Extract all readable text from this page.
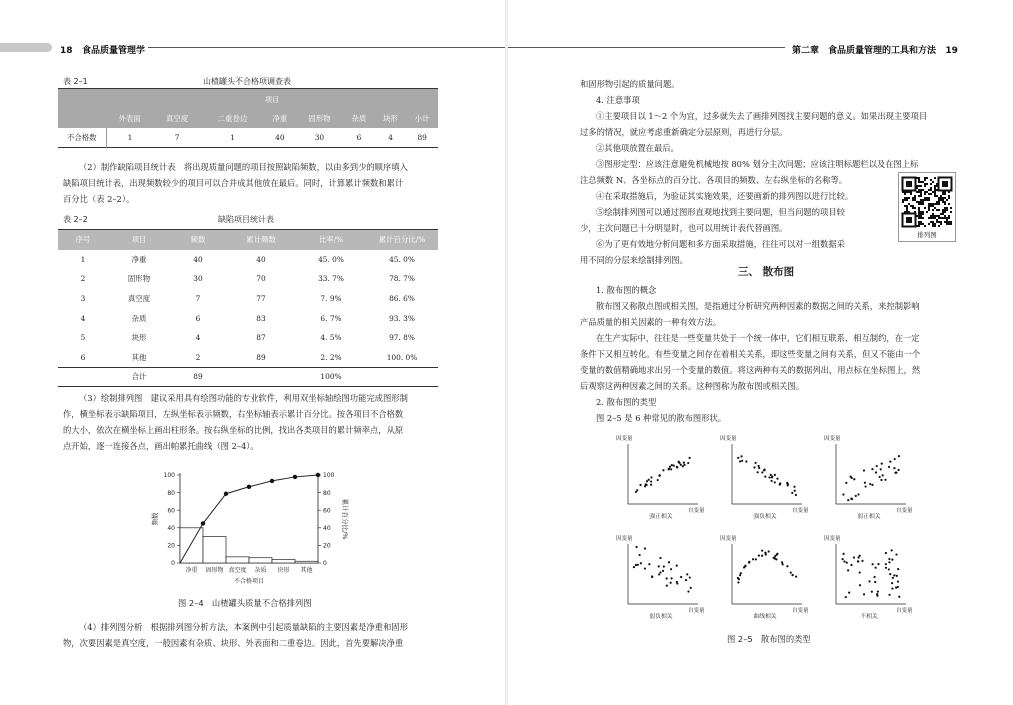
18 食品质量管理学
表 2–1	山楂罐头不合格项调查表
	项目							
	外表面	真空度	二重卷边	净重	固形物	杂质	块形	小计
不合格数	1	7	1	40	30	6	4	89
（2）制作缺陷项目统计表　将出现质量问题的项目按照缺陷频数，以由多到少的顺序填入
缺陷项目统计表，出现频数较少的项目可以合并成其他放在最后。同时，计算累计频数和累计
百分比（表 2–2）。
表 2–2	缺陷项目统计表
序号	项目	频数	累计频数	比率/%	累计百分比/%
1	净重	40	40	45. 0%	45. 0%
2	固形物	30	70	33. 7%	78. 7%
3	真空度	7	77	7. 9%	86. 6%
4	杂质	6	83	6. 7%	93. 3%
5	块形	4	87	4. 5%	97. 8%
6	其他	2	89	2. 2%	100. 0%
	合计	89		100%	
（3）绘制排列图　建议采用具有绘图功能的专业软件，利用双坐标轴绘图功能完成图形制
作，横坐标表示缺陷项目，左纵坐标表示频数，右坐标轴表示累计百分比。按各项目不合格数
的大小，依次在横坐标上画出柱形条。按右纵坐标的比例，找出各类项目的累计频率点，从原
点开始，逐一连接各点，画出帕累托曲线（图 2–4）。
0
20
40
60
80
100
0
20
40
60
80
100
净重 固形物 真空度 杂质 块形 其他
不合格项目
频数	累计百分比/%
图 2–4　山楂罐头质量不合格排列图
（4）排列图分析　根据排列图分析方法，本案例中引起质量缺陷的主要因素是净重和固形
物，次要因素是真空度，一般因素有杂质、块形、外表面和二重卷边。因此，首先要解决净重
第二章　食品质量管理的工具和方法 19
和固形物引起的质量问题。
4. 注意事项
①主要项目以 1～2 个为宜，过多就失去了画排列图找主要问题的意义。如果出现主要项目
过多的情况，就应考虑重新确定分层原则，再进行分层。
②其他项放置在最后。
③图形定型：应该注意避免机械地按 80% 划分主次问题；应该注明标题栏以及在图上标
注总频数 N、各坐标点的百分比、各项目的频数、左右纵坐标的名称等。
④在采取措施后，为验证其实施效果，还要画新的排列图以进行比较。
⑤绘制排列图可以通过图形直观地找到主要问题，但当问题的项目较
少，主次问题已十分明显时，也可以用统计表代替画图。
⑥为了更有效地分析问题和多方面采取措施，往往可以对一组数据采
用不同的分层来绘制排列图。
排列图
三、 散布图
1. 散布图的概念
散布图又称散点图或相关图，是指通过分析研究两种因素的数据之间的关系，来控制影响
产品质量的相关因素的一种有效方法。
在生产实际中，往往是一些变量共处于一个统一体中，它们相互联系、相互制约，在一定
条件下又相互转化。有些变量之间存在着相关关系，即这些变量之间有关系，但又不能由一个
变量的数值精确地求出另一个变量的数值。将这两种有关的数据列出，用点标在坐标图上，然
后观察这两种因素之间的关系。这种图称为散布图或相关图。
2. 散布图的类型
图 2–5 是 6 种常见的散布图形状。
因变量
自变量
强正相关
因变量
自变量
强负相关
因变量
自变量
弱正相关
因变量
自变量
弱负相关
因变量
自变量
曲线相关
因变量
自变量
不相关
图 2–5　散布图的类型
